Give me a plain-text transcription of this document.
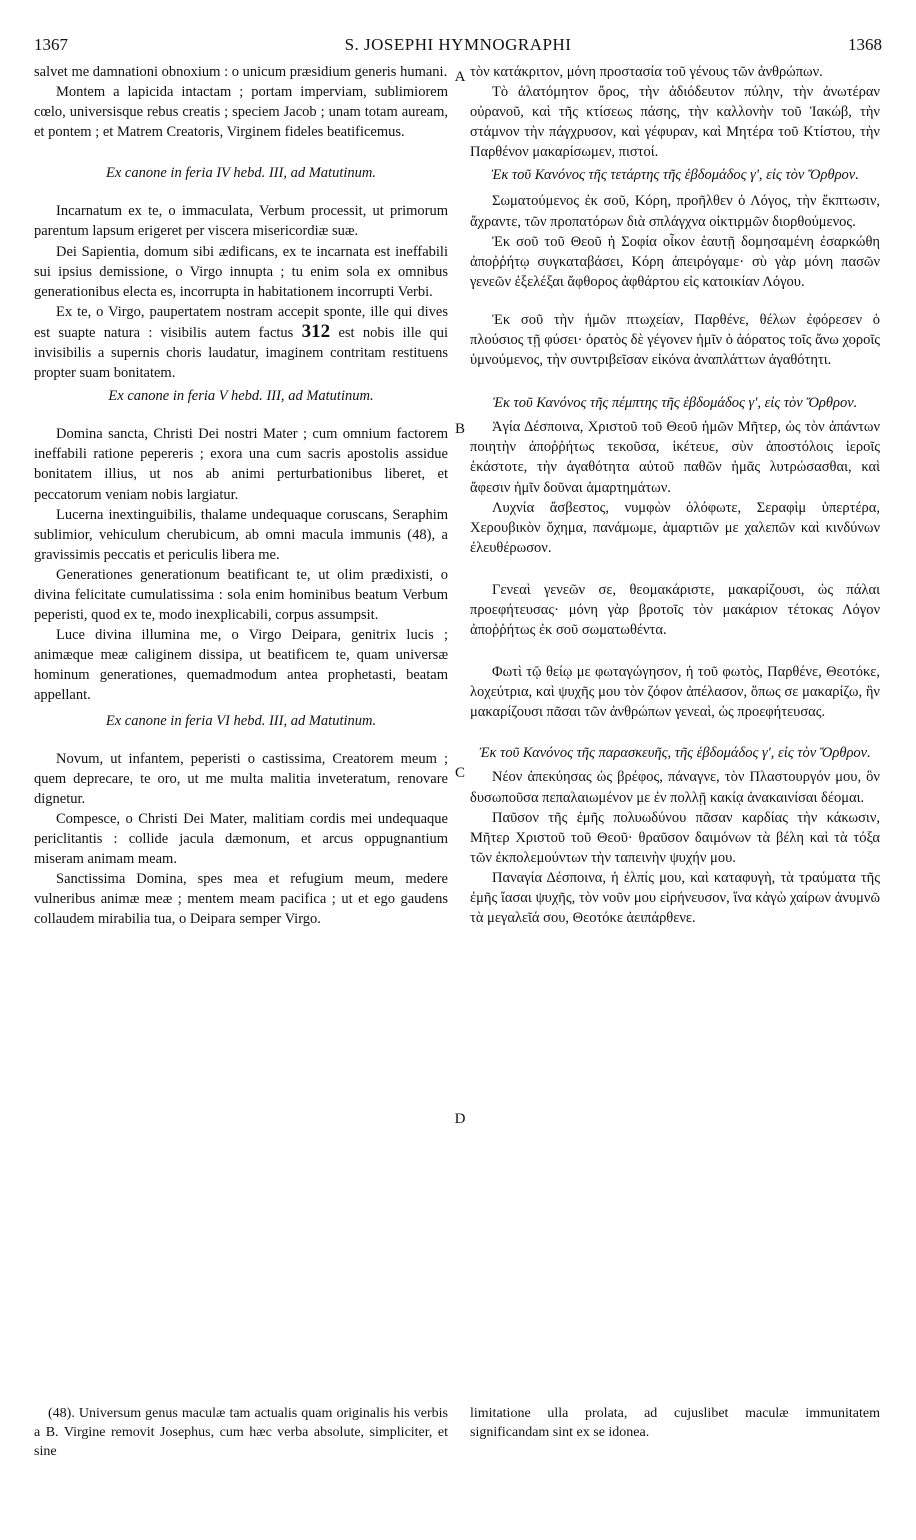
1367	S. JOSEPHI HYMNOGRAPHI	1368

salvet me damnationi obnoxium : o unicum præsidium generis humani.

Montem a lapicida intactam ; portam imperviam, sublimiorem cœlo, universisque rebus creatis ; speciem Jacob ; unam totam auream, et pontem ; et Matrem Creatoris, Virginem fideles beatificemus.

Ex canone in feria IV hebd. III, ad Matutinum.

Incarnatum ex te, o immaculata, Verbum processit, ut primorum parentum lapsum erigeret per viscera misericordiæ suæ.

Dei Sapientia, domum sibi ædificans, ex te incarnata est ineffabili sui ipsius demissione, o Virgo innupta ; tu enim sola ex omnibus generationibus electa es, incorrupta in habitationem incorrupti Verbi.

Ex te, o Virgo, paupertatem nostram accepit sponte, ille qui dives est suapte natura : visibilis autem factus 312 est nobis ille qui invisibilis a supernis choris laudatur, imaginem contritam restituens propter suam bonitatem.

Ex canone in feria V hebd. III, ad Matutinum.

Domina sancta, Christi Dei nostri Mater ; cum omnium factorem ineffabili ratione pepereris ; exora una cum sacris apostolis assidue bonitatem illius, ut nos ab animi perturbationibus liberet, et peccatorum veniam nobis largiatur.

Lucerna inextinguibilis, thalame undequaque coruscans, Seraphim sublimior, vehiculum cherubicum, ab omni macula immunis (48), a gravissimis peccatis et periculis libera me.

Generationes generationum beatificant te, ut olim prædixisti, o divina felicitate cumulatissima : sola enim hominibus beatum Verbum peperisti, quod ex te, modo inexplicabili, corpus assumpsit.

Luce divina illumina me, o Virgo Deipara, genitrix lucis ; animæque meæ caliginem dissipa, ut beatificem te, quam universæ hominum generationes, quemadmodum antea prophetasti, beatam appellant.

Ex canone in feria VI hebd. III, ad Matutinum.

Novum, ut infantem, peperisti o castissima, Creatorem meum ; quem deprecare, te oro, ut me multa malitia inveteratum, renovare dignetur.

Compesce, o Christi Dei Mater, malitiam cordis mei undequaque periclitantis : collide jacula dæmonum, et arcus oppugnantium miseram animam meam.

Sanctissima Domina, spes mea et refugium meum, medere vulneribus animæ meæ ; mentem meam pacifica ; ut et ego gaudens collaudem mirabilia tua, o Deipara semper Virgo.

A
B
C
D

τὸν κατάκριτον, μόνη προστασία τοῦ γένους τῶν ἀνθρώπων.

Τὸ ἀλατόμητον ὄρος, τὴν ἀδιόδευτον πύλην, τὴν ἀνωτέραν οὐρανοῦ, καὶ τῆς κτίσεως πάσης, τὴν καλλονὴν τοῦ Ἰακώβ, τὴν στάμνον τὴν πάγχρυσον, καὶ γέφυραν, καὶ Μητέρα τοῦ Κτίστου, τὴν Παρθένον μακαρίσωμεν, πιστοί.

Ἐκ τοῦ Κανόνος τῆς τετάρτης τῆς ἑβδομάδος γ', εἰς τὸν Ὄρθρον.

Σωματούμενος ἐκ σοῦ, Κόρη, προῆλθεν ὁ Λόγος, τὴν ἔκπτωσιν, ἄχραντε, τῶν προπατόρων διὰ σπλάγχνα οἰκτιρμῶν διορθούμενος.

Ἐκ σοῦ τοῦ Θεοῦ ἡ Σοφία οἶκον ἑαυτῇ δομησαμένη ἐσαρκώθη ἀποῤῥήτῳ συγκαταβάσει, Κόρη ἀπειρόγαμε· σὺ γὰρ μόνη πασῶν γενεῶν ἐξελέξαι ἄφθορος ἀφθάρτου εἰς κατοικίαν Λόγου.

Ἐκ σοῦ τὴν ἡμῶν πτωχείαν, Παρθένε, θέλων ἐφόρεσεν ὁ πλούσιος τῇ φύσει· ὁρατὸς δὲ γέγονεν ἡμῖν ὁ ἀόρατος τοῖς ἄνω χοροῖς ὑμνούμενος, τὴν συντριβεῖσαν εἰκόνα ἀναπλάττων ἀγαθότητι.

Ἐκ τοῦ Κανόνος τῆς πέμπτης τῆς ἑβδομάδος γ', εἰς τὸν Ὄρθρον.

Ἁγία Δέσποινα, Χριστοῦ τοῦ Θεοῦ ἡμῶν Μῆτερ, ὡς τὸν ἁπάντων ποιητὴν ἀποῤῥήτως τεκοῦσα, ἱκέτευε, σὺν ἀποστόλοις ἱεροῖς ἑκάστοτε, τὴν ἀγαθότητα αὐτοῦ παθῶν ἡμᾶς λυτρώσασθαι, καὶ ἄφεσιν ἡμῖν δοῦναι ἁμαρτημάτων.

Λυχνία ἄσβεστος, νυμφὼν ὁλόφωτε, Σεραφὶμ ὑπερτέρα, Χερουβικὸν ὄχημα, πανάμωμε, ἁμαρτιῶν με χαλεπῶν καὶ κινδύνων ἐλευθέρωσον.

Γενεαὶ γενεῶν σε, θεομακάριστε, μακαρίζουσι, ὡς πάλαι προεφήτευσας· μόνη γὰρ βροτοῖς τὸν μακάριον τέτοκας Λόγον ἀποῤῥήτως ἐκ σοῦ σωματωθέντα.

Φωτὶ τῷ θείῳ με φωταγώγησον, ἡ τοῦ φωτὸς, Παρθένε, Θεοτόκε, λοχεύτρια, καὶ ψυχῆς μου τὸν ζόφον ἀπέλασον, ὅπως σε μακαρίζω, ἣν μακαρίζουσι πᾶσαι τῶν ἀνθρώπων γενεαὶ, ὡς προεφήτευσας.

Ἐκ τοῦ Κανόνος τῆς παρασκευῆς, τῆς ἑβδομάδος γ', εἰς τὸν Ὄρθρον.

Νέον ἀπεκύησας ὡς βρέφος, πάναγνε, τὸν Πλαστουργόν μου, ὃν δυσωποῦσα πεπαλαιωμένον με ἐν πολλῇ κακίᾳ ἀνακαινίσαι δέομαι.

Παῦσον τῆς ἐμῆς πολυωδύνου πᾶσαν καρδίας τὴν κάκωσιν, Μῆτερ Χριστοῦ τοῦ Θεοῦ· θραῦσον δαιμόνων τὰ βέλη καὶ τὰ τόξα τῶν ἐκπολεμούντων τὴν ταπεινὴν ψυχήν μου.

Παναγία Δέσποινα, ἡ ἐλπίς μου, καὶ καταφυγὴ, τὰ τραύματα τῆς ἐμῆς ἴασαι ψυχῆς, τὸν νοῦν μου εἰρήνευσον, ἵνα κἀγὼ χαίρων ἀνυμνῶ τὰ μεγαλεῖά σου, Θεοτόκε ἀειπάρθενε.

(48). Universum genus maculæ tam actualis quam originalis his verbis a B. Virgine removit Josephus, cum hæc verba absolute, simpliciter, et sine

limitatione ulla prolata, ad cujuslibet maculæ immunitatem significandam sint ex se idonea.
